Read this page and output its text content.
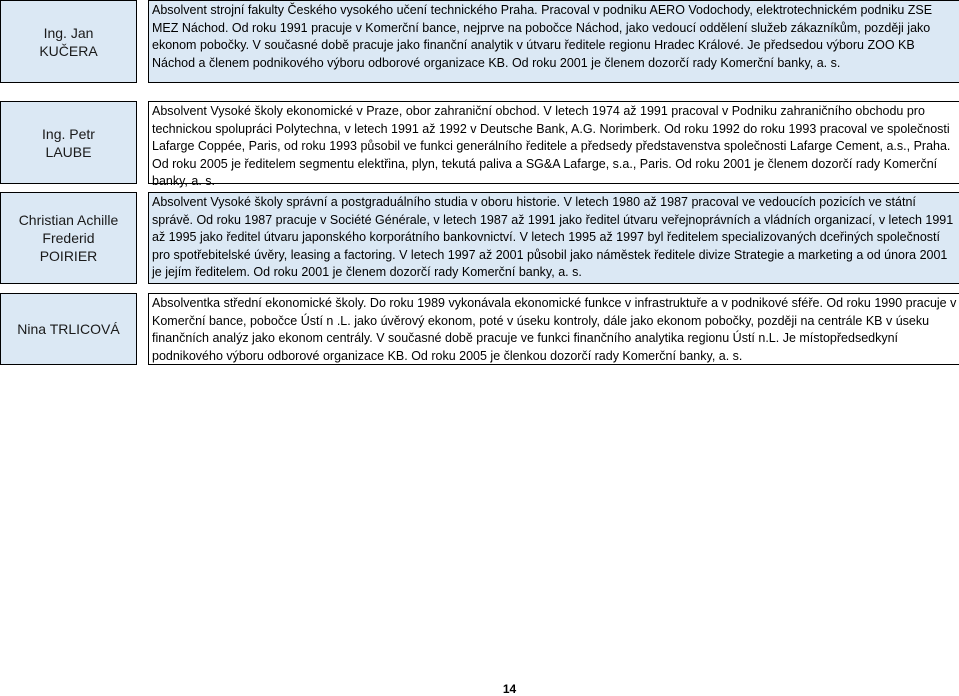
Ing. Jan
KUČERA
Absolvent strojní fakulty Českého vysokého učení technického Praha. Pracoval v podniku AERO Vodochody, elektrotechnickém podniku ZSE MEZ Náchod. Od roku 1991 pracuje v Komerční bance, nejprve na pobočce Náchod, jako vedoucí oddělení služeb zákazníkům, později jako ekonom pobočky. V současné době pracuje jako finanční analytik v útvaru ředitele regionu Hradec Králové. Je předsedou výboru ZOO KB Náchod a členem podnikového výboru odborové organizace KB. Od roku 2001 je členem dozorčí rady Komerční banky, a. s.
Ing. Petr
LAUBE
Absolvent Vysoké školy ekonomické v Praze, obor zahraniční obchod. V letech 1974 až 1991 pracoval v Podniku zahraničního obchodu pro technickou spolupráci Polytechna, v letech 1991 až 1992 v Deutsche Bank, A.G. Norimberk. Od roku 1992 do roku 1993 pracoval ve společnosti Lafarge Coppée, Paris, od roku 1993 působil ve funkci generálního ředitele a předsedy představenstva společnosti Lafarge Cement, a.s., Praha. Od roku 2005 je ředitelem segmentu elektřina, plyn, tekutá paliva a SG&A Lafarge, s.a., Paris. Od roku 2001 je členem dozorčí rady Komerční banky, a. s.
Christian Achille
Frederid
POIRIER
Absolvent Vysoké školy správní a postgraduálního studia v oboru historie. V letech 1980 až 1987 pracoval ve vedoucích pozicích ve státní správě. Od roku 1987 pracuje v Société Générale, v letech 1987 až 1991 jako ředitel útvaru veřejnoprávních a vládních organizací, v letech 1991 až 1995 jako ředitel útvaru japonského korporátního bankovnictví. V letech 1995 až 1997 byl ředitelem specializovaných dceřiných společností pro spotřebitelské úvěry, leasing a factoring. V letech 1997 až 2001 působil jako náměstek ředitele divize Strategie a marketing a od února 2001 je jejím ředitelem. Od roku 2001 je členem dozorčí rady Komerční banky, a. s.
Nina TRLICOVÁ
Absolventka střední ekonomické školy. Do roku 1989 vykonávala ekonomické funkce v infrastruktuře a v podnikové sféře. Od roku 1990 pracuje v Komerční bance, pobočce Ústí n .L. jako úvěrový ekonom, poté v úseku kontroly, dále jako ekonom pobočky, později na centrále KB v úseku finančních analýz jako ekonom centrály. V současné době pracuje ve funkci finančního analytika regionu Ústí n.L. Je místopředsedkyní podnikového výboru odborové organizace KB. Od roku 2005 je členkou dozorčí rady Komerční banky, a. s.
14
